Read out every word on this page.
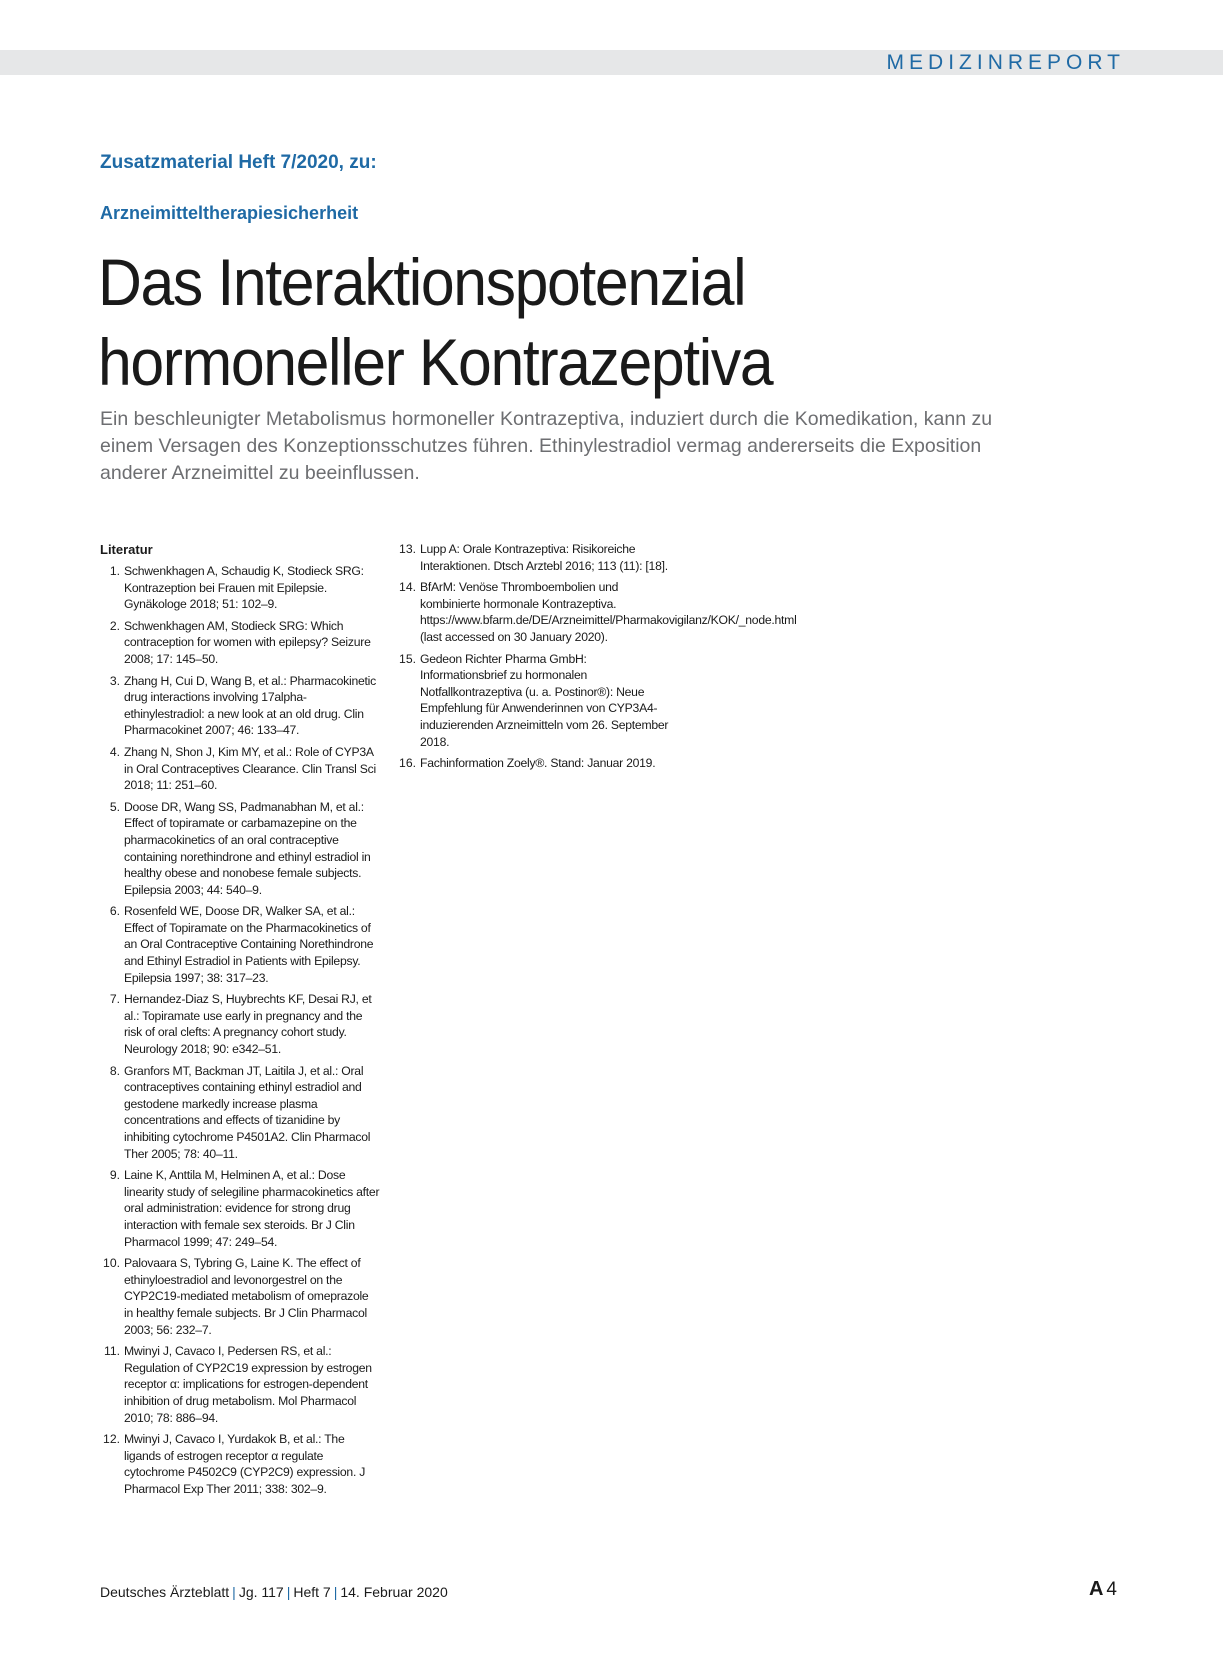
MEDIZINREPORT
Zusatzmaterial Heft 7/2020, zu:
Arzneimitteltherapiesicherheit
Das Interaktionspotenzial
hormoneller Kontrazeptiva

Ein beschleunigter Metabolismus hormoneller Kontrazeptiva, induziert durch die Komedikation, kann zu einem Versagen des Konzeptionsschutzes führen. Ethinylestradiol vermag andererseits die Exposition anderer Arzneimittel zu beeinflussen.

Literatur
1. Schwenkhagen A, Schaudig K, Stodieck SRG: Kontrazeption bei Frauen mit Epilepsie. Gynäkologe 2018; 51: 102–9.
2. Schwenkhagen AM, Stodieck SRG: Which contraception for women with epilepsy? Seizure 2008; 17: 145–50.
3. Zhang H, Cui D, Wang B, et al.: Pharmacokinetic drug interactions involving 17alpha-ethinylestradiol: a new look at an old drug. Clin Pharmacokinet 2007; 46: 133–47.
4. Zhang N, Shon J, Kim MY, et al.: Role of CYP3A in Oral Contraceptives Clearance. Clin Transl Sci 2018; 11: 251–60.
5. Doose DR, Wang SS, Padmanabhan M, et al.: Effect of topiramate or carbamazepine on the pharmacokinetics of an oral contraceptive containing norethindrone and ethinyl estradiol in healthy obese and nonobese female subjects. Epilepsia 2003; 44: 540–9.
6. Rosenfeld WE, Doose DR, Walker SA, et al.: Effect of Topiramate on the Pharmacokinetics of an Oral Contraceptive Containing Norethindrone and Ethinyl Estradiol in Patients with Epilepsy. Epilepsia 1997; 38: 317–23.
7. Hernandez-Diaz S, Huybrechts KF, Desai RJ, et al.: Topiramate use early in pregnancy and the risk of oral clefts: A pregnancy cohort study. Neurology 2018; 90: e342–51.
8. Granfors MT, Backman JT, Laitila J, et al.: Oral contraceptives containing ethinyl estradiol and gestodene markedly increase plasma concentrations and effects of tizanidine by inhibiting cytochrome P4501A2. Clin Pharmacol Ther 2005; 78: 40–11.
9. Laine K, Anttila M, Helminen A, et al.: Dose linearity study of selegiline pharmacokinetics after oral administration: evidence for strong drug interaction with female sex steroids. Br J Clin Pharmacol 1999; 47: 249–54.
10. Palovaara S, Tybring G, Laine K. The effect of ethinyloestradiol and levonorgestrel on the CYP2C19-mediated metabolism of omeprazole in healthy female subjects. Br J Clin Pharmacol 2003; 56: 232–7.
11. Mwinyi J, Cavaco I, Pedersen RS, et al.: Regulation of CYP2C19 expression by estrogen receptor α: implications for estrogen-dependent inhibition of drug metabolism. Mol Pharmacol 2010; 78: 886–94.
12. Mwinyi J, Cavaco I, Yurdakok B, et al.: The ligands of estrogen receptor α regulate cytochrome P4502C9 (CYP2C9) expression. J Pharmacol Exp Ther 2011; 338: 302–9.
13. Lupp A: Orale Kontrazeptiva: Risikoreiche Interaktionen. Dtsch Arztebl 2016; 113 (11): [18].
14. BfArM: Venöse Thromboembolien und kombinierte hormonale Kontrazeptiva. https://www.bfarm.de/DE/Arzneimittel/Pharmakovigilanz/KOK/_node.html (last accessed on 30 January 2020).
15. Gedeon Richter Pharma GmbH: Informationsbrief zu hormonalen Notfallkontrazeptiva (u. a. Postinor®): Neue Empfehlung für Anwenderinnen von CYP3A4-induzierenden Arzneimitteln vom 26. September 2018.
16. Fachinformation Zoely®. Stand: Januar 2019.
Deutsches Ärzteblatt | Jg. 117 | Heft 7 | 14. Februar 2020	A 4
